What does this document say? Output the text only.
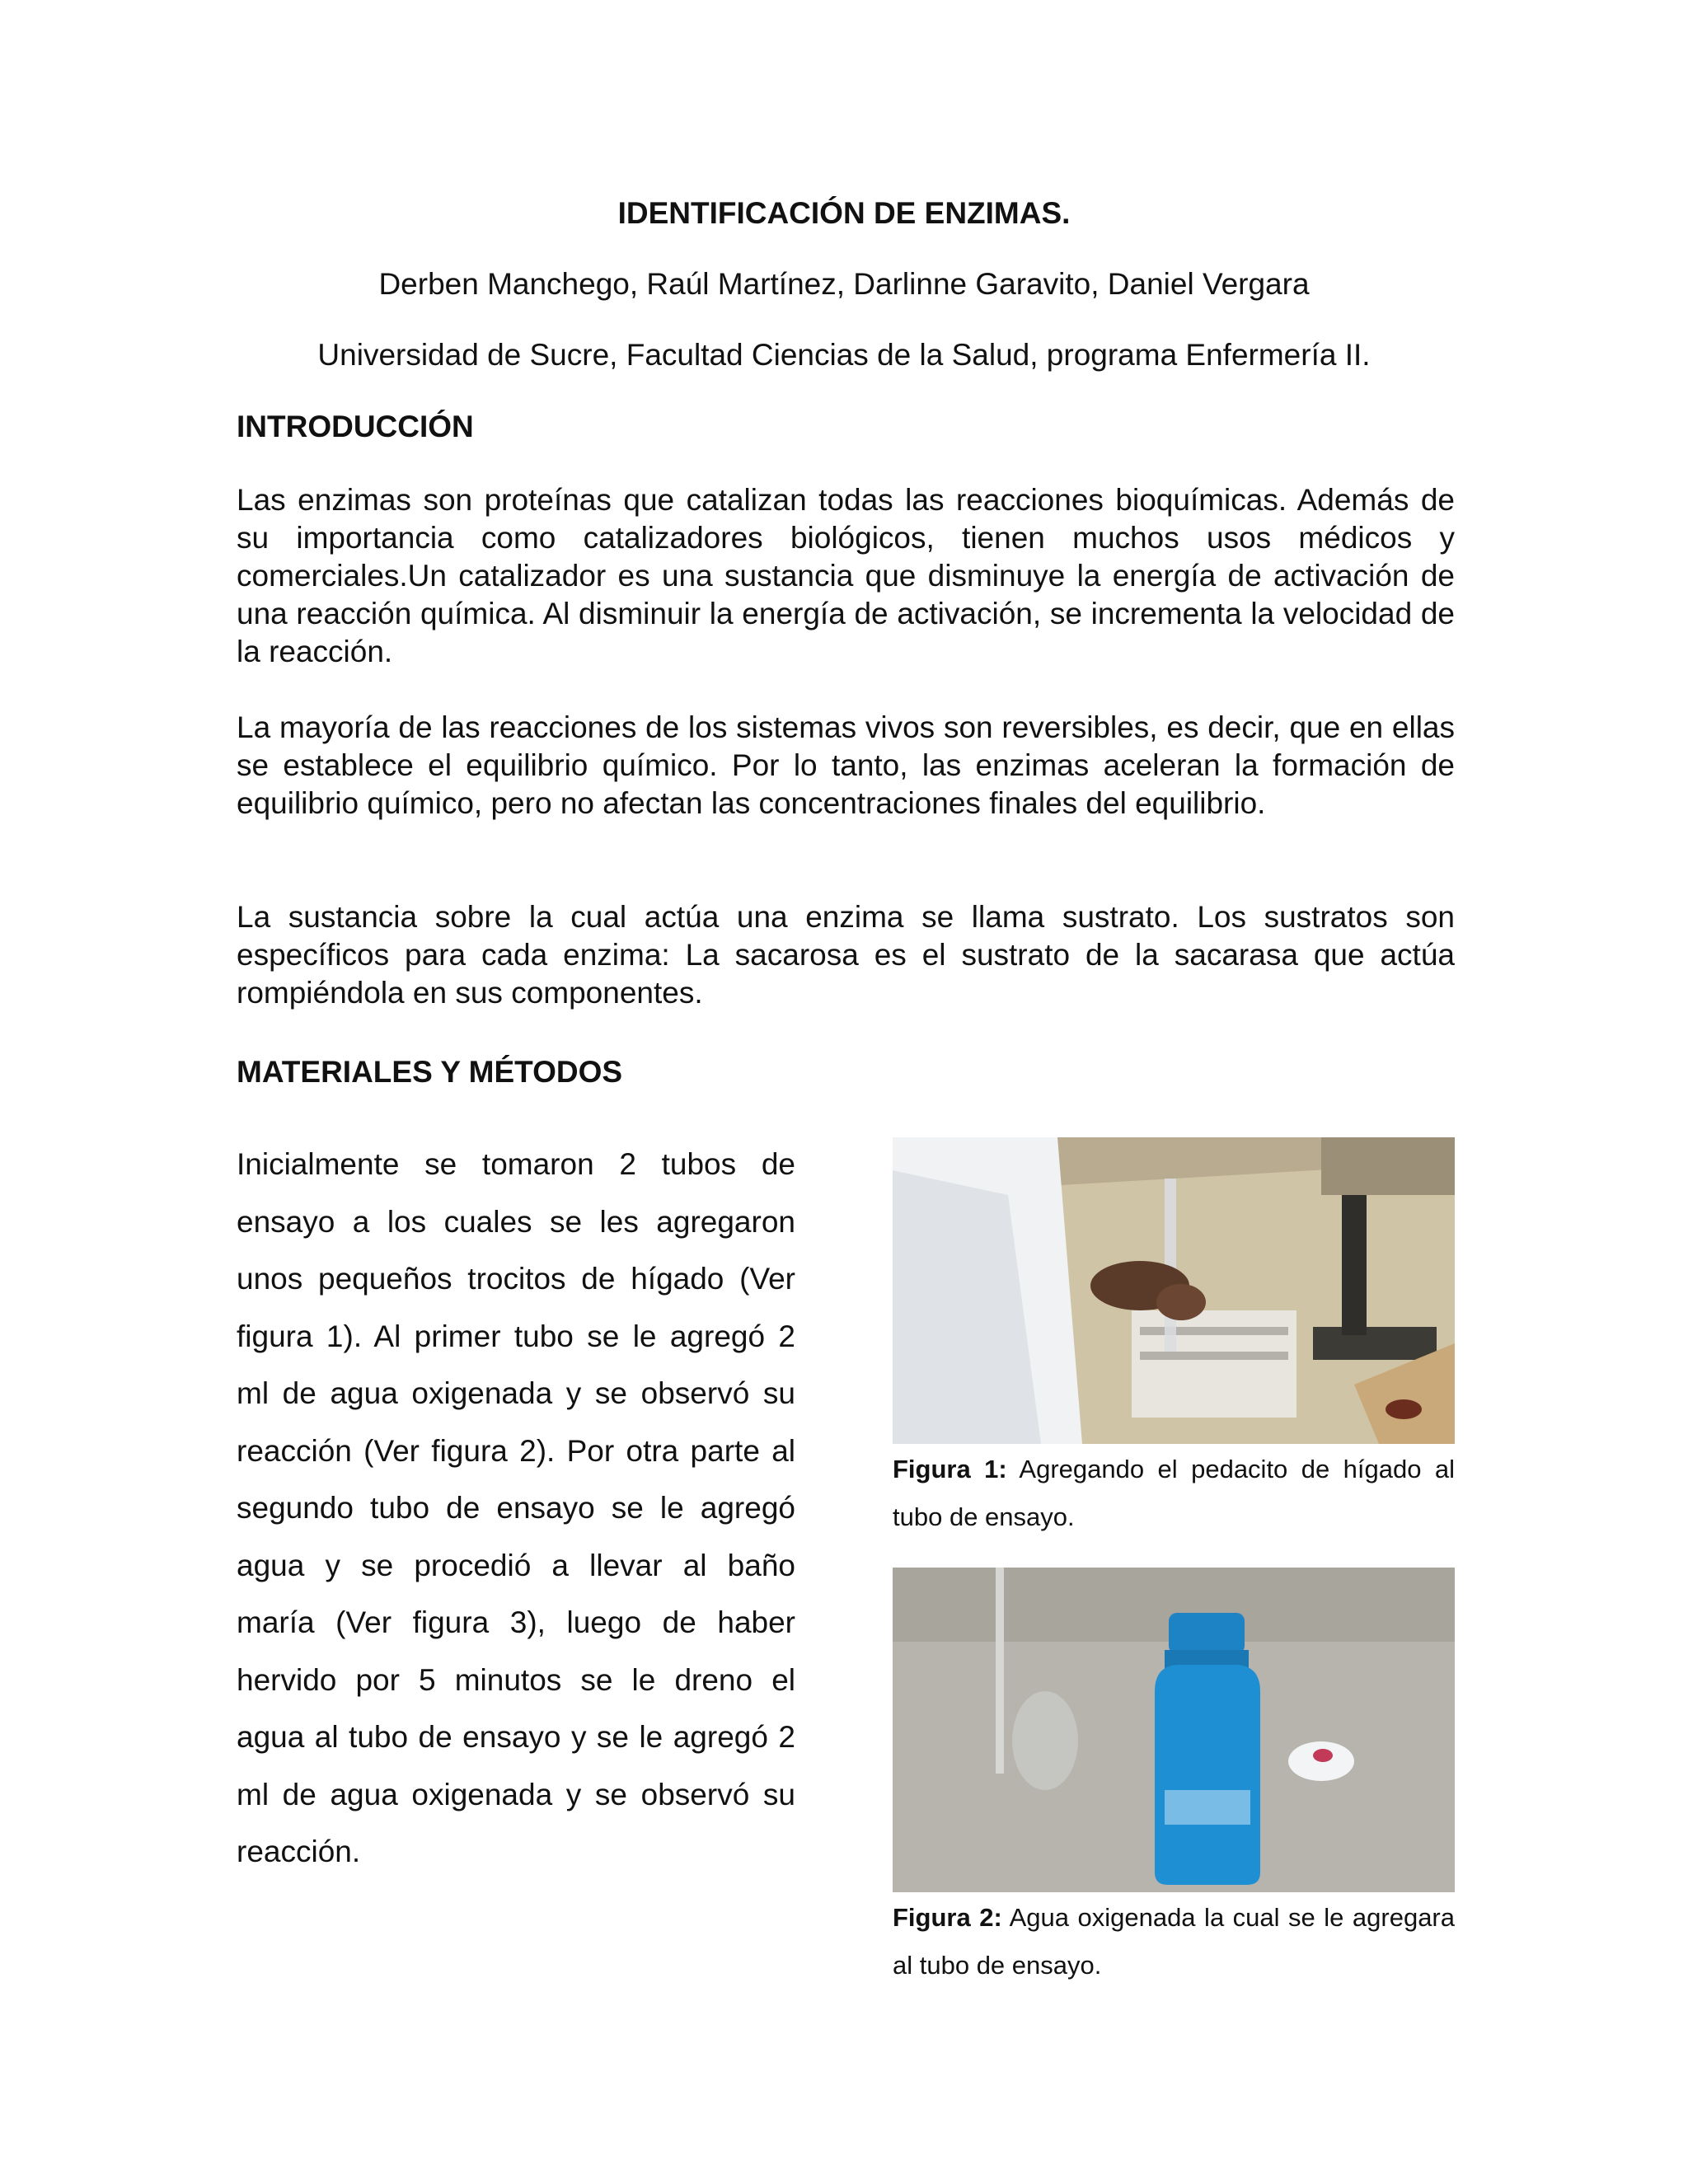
IDENTIFICACIÓN DE ENZIMAS.
Derben Manchego, Raúl Martínez, Darlinne Garavito, Daniel Vergara
Universidad de Sucre, Facultad Ciencias de la Salud, programa Enfermería II.
INTRODUCCIÓN

Las enzimas son proteínas que catalizan todas las reacciones bioquímicas. Además de su importancia como catalizadores biológicos, tienen muchos usos médicos y comerciales.Un catalizador es una sustancia que disminuye la energía de activación de una reacción química. Al disminuir la energía de activación, se incrementa la velocidad de la reacción.

La mayoría de las reacciones de los sistemas vivos son reversibles, es decir, que en ellas se establece el equilibrio químico. Por lo tanto, las enzimas aceleran la formación de equilibrio químico, pero no afectan las concentraciones finales del equilibrio.

La sustancia sobre la cual actúa una enzima se llama sustrato. Los sustratos son específicos para cada enzima: La sacarosa es el sustrato de la sacarasa que actúa rompiéndola en sus componentes.

MATERIALES Y MÉTODOS

Inicialmente se tomaron 2 tubos de ensayo a los cuales se les agregaron unos pequeños trocitos de hígado (Ver figura 1). Al primer tubo se le agregó 2 ml de agua oxigenada y se observó su reacción (Ver figura 2). Por otra parte al segundo tubo de ensayo se le agregó agua y se procedió a llevar al baño maría (Ver figura 3), luego de haber hervido por 5 minutos se le dreno el agua al tubo de ensayo y se le agregó 2 ml de agua oxigenada y se observó su reacción.

Figura 1: Agregando el pedacito de hígado al tubo de ensayo.

Figura 2: Agua oxigenada la cual se le agregara al tubo de ensayo.
